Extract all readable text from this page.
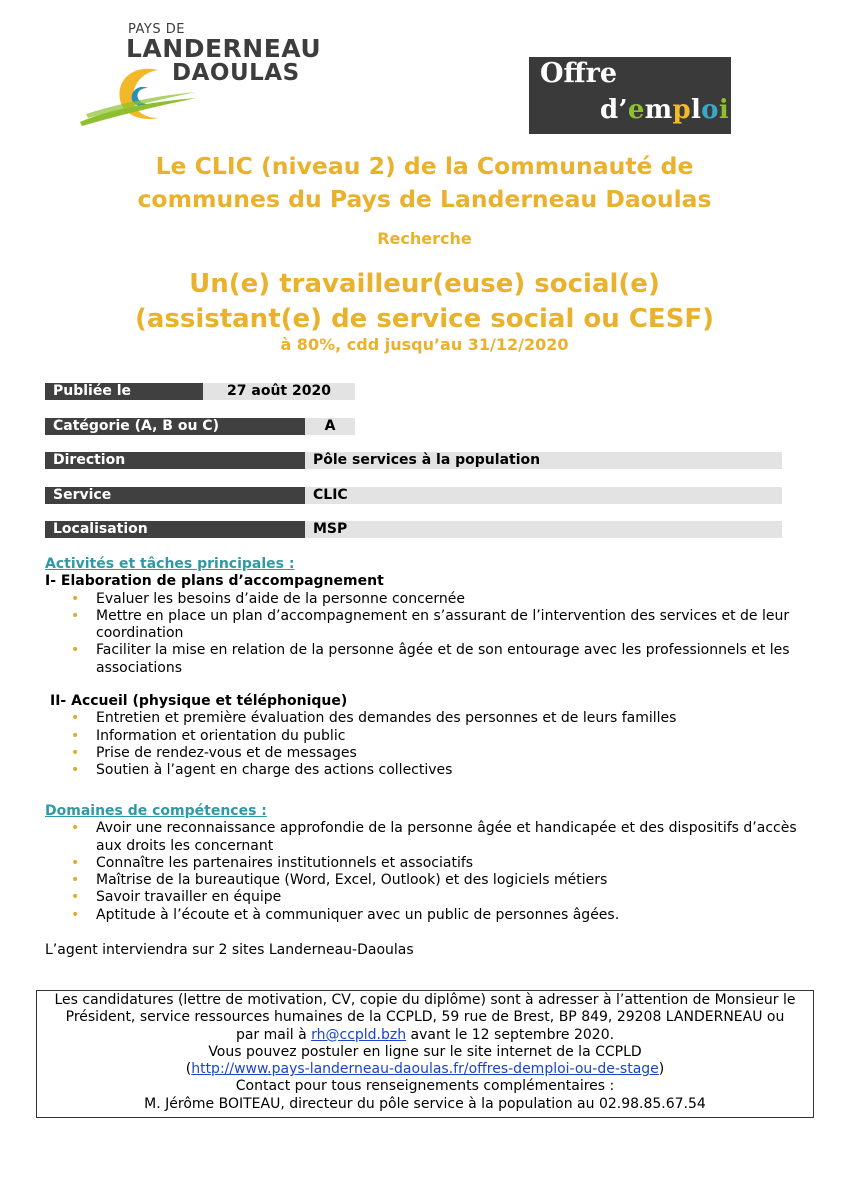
PAYS DE
LANDERNEAU
DAOULAS	Offre
d’emploi
Le CLIC (niveau 2) de la Communauté de
communes du Pays de Landerneau Daoulas
Recherche
Un(e) travailleur(euse) social(e)
(assistant(e) de service social ou CESF)
à 80%, cdd jusqu’au 31/12/2020
Publiée le	27 août 2020
Catégorie (A, B ou C)	A
Direction	Pôle services à la population
Service	CLIC
Localisation	MSP
Activités et tâches principales :
I- Elaboration de plans d’accompagnement
• Evaluer les besoins d’aide de la personne concernée
• Mettre en place un plan d’accompagnement en s’assurant de l’intervention des services et de leur coordination
• Faciliter la mise en relation de la personne âgée et de son entourage avec les professionnels et les associations
II- Accueil (physique et téléphonique)
• Entretien et première évaluation des demandes des personnes et de leurs familles
• Information et orientation du public
• Prise de rendez-vous et de messages
• Soutien à l’agent en charge des actions collectives
Domaines de compétences :
• Avoir une reconnaissance approfondie de la personne âgée et handicapée et des dispositifs d’accès aux droits les concernant
• Connaître les partenaires institutionnels et associatifs
• Maîtrise de la bureautique (Word, Excel, Outlook) et des logiciels métiers
• Savoir travailler en équipe
• Aptitude à l’écoute et à communiquer avec un public de personnes âgées.
L’agent interviendra sur 2 sites Landerneau-Daoulas
Les candidatures (lettre de motivation, CV, copie du diplôme) sont à adresser à l’attention de Monsieur le
Président, service ressources humaines de la CCPLD, 59 rue de Brest, BP 849, 29208 LANDERNEAU ou
par mail à rh@ccpld.bzh avant le 12 septembre 2020.
Vous pouvez postuler en ligne sur le site internet de la CCPLD
(http://www.pays-landerneau-daoulas.fr/offres-demploi-ou-de-stage)
Contact pour tous renseignements complémentaires :
M. Jérôme BOITEAU, directeur du pôle service à la population au 02.98.85.67.54
